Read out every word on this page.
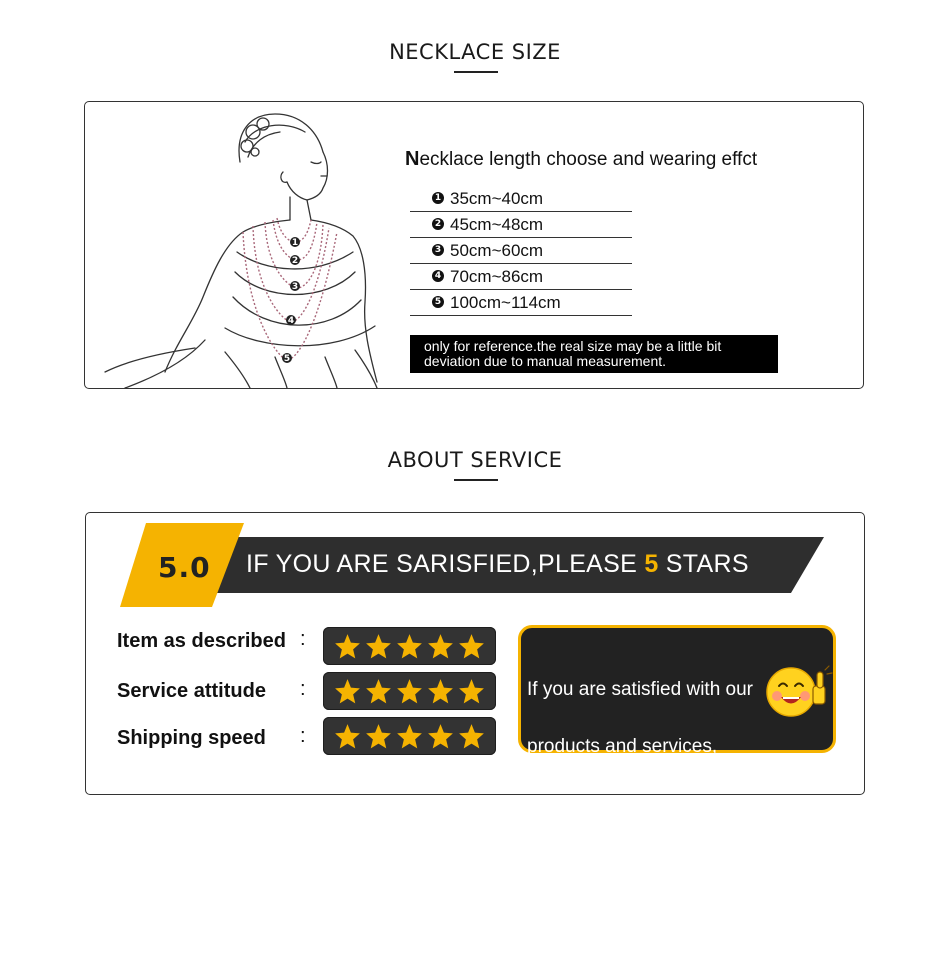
NECKLACE SIZE
1
2
3
4
5
Necklace length choose and wearing effct
1 35cm~40cm
2 45cm~48cm
3 50cm~60cm
4 70cm~86cm
5 100cm~114cm
only for reference.the real size may be a little bit
deviation due to manual measurement.
ABOUT SERVICE
5.0 IF YOU ARE SARISFIED,PLEASE 5 STARS
Item as described :
Service attitude :
Shipping speed :

If you are satisfied with our

products and services,

please remember

to play 5 points

as an encouragement to us.
